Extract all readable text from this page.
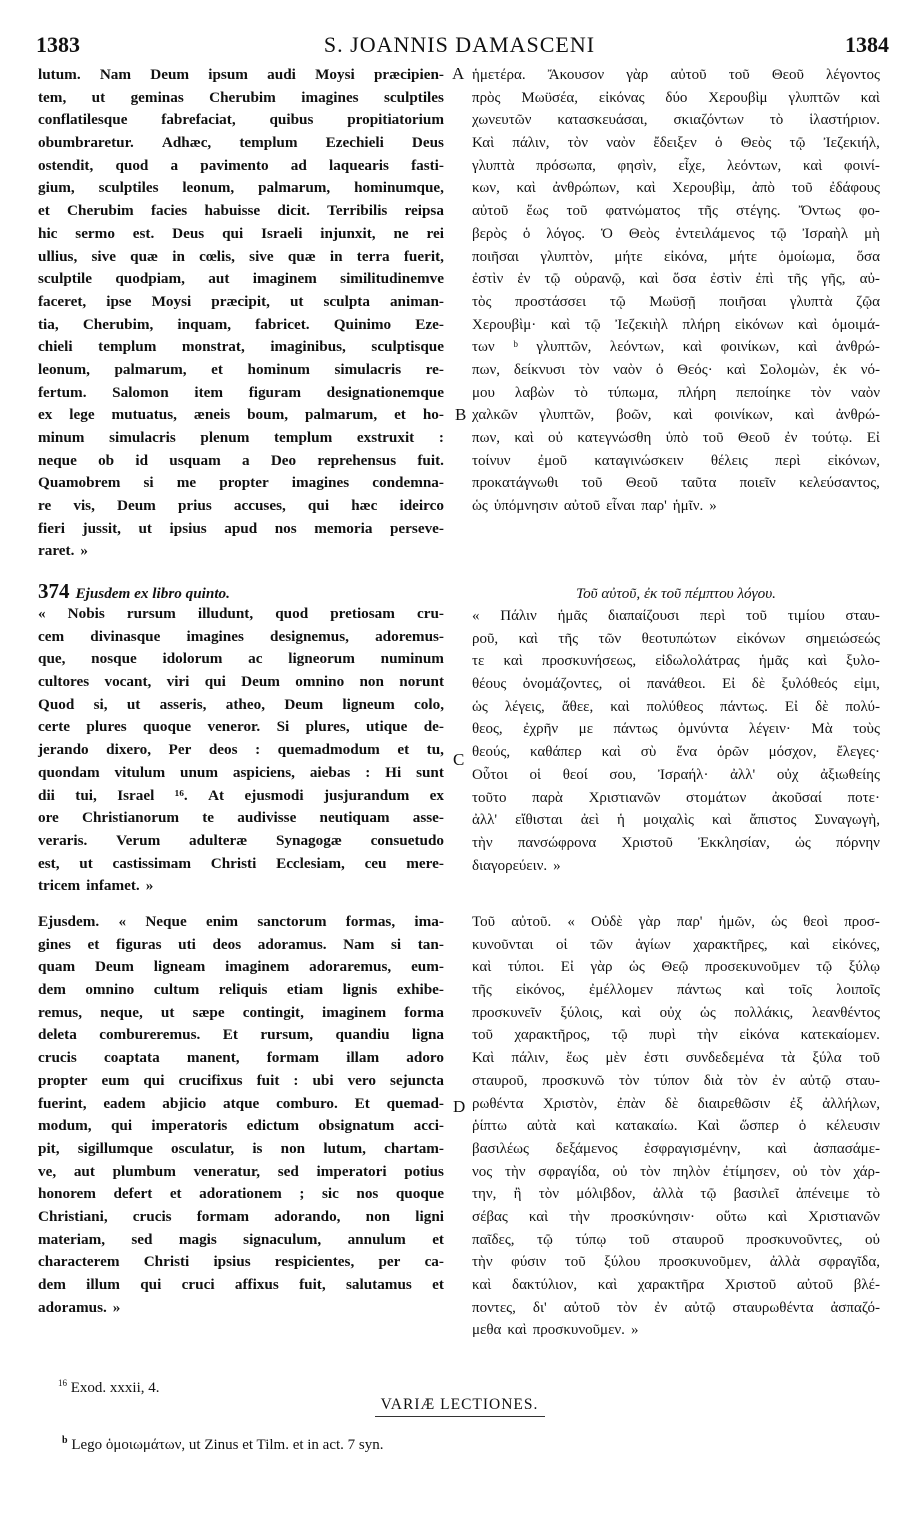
1383	S. JOANNIS DAMASCENI	1384
A
B
C
D
lutum. Nam Deum ipsum audi Moysi præcipien-
tem, ut geminas Cherubim imagines sculptiles
conflatilesque fabrefaciat, quibus propitiatorium
obumbraretur. Adhæc, templum Ezechieli Deus
ostendit, quod a pavimento ad laquearis fasti-
gium, sculptiles leonum, palmarum, hominumque,
et Cherubim facies habuisse dicit. Terribilis reipsa
hic sermo est. Deus qui Israeli injunxit, ne rei
ullius, sive quæ in cœlis, sive quæ in terra fuerit,
sculptile quodpiam, aut imaginem similitudinemve
faceret, ipse Moysi præcipit, ut sculpta animan-
tia, Cherubim, inquam, fabricet. Quinimo Eze-
chieli templum monstrat, imaginibus, sculptisque
leonum, palmarum, et hominum simulacris re-
fertum. Salomon item figuram designationemque
ex lege mutuatus, æneis boum, palmarum, et ho-
minum simulacris plenum templum exstruxit :
neque ob id usquam a Deo reprehensus fuit.
Quamobrem si me propter imagines condemna-
re vis, Deum prius accuses, qui hæc ideirco
fieri jussit, ut ipsius apud nos memoria perseve-
raret. »
374 Ejusdem ex libro quinto.
« Nobis rursum illudunt, quod pretiosam cru-
cem divinasque imagines designemus, adoremus-
que, nosque idolorum ac ligneorum numinum
cultores vocant, viri qui Deum omnino non norunt
Quod si, ut asseris, atheo, Deum ligneum colo,
certe plures quoque veneror. Si plures, utique de-
jerando dixero, Per deos : quemadmodum et tu,
quondam vitulum unum aspiciens, aiebas : Hi sunt
dii tui, Israel ¹⁶. At ejusmodi jusjurandum ex
ore Christianorum te audivisse neutiquam asse-
veraris. Verum adulteræ Synagogæ consuetudo
est, ut castissimam Christi Ecclesiam, ceu mere-
tricem infamet. »
Ejusdem. « Neque enim sanctorum formas, ima-
gines et figuras uti deos adoramus. Nam si tan-
quam Deum ligneam imaginem adoraremus, eum-
dem omnino cultum reliquis etiam lignis exhibe-
remus, neque, ut sæpe contingit, imaginem forma
deleta combureremus. Et rursum, quandiu ligna
crucis coaptata manent, formam illam adoro
propter eum qui crucifixus fuit : ubi vero sejuncta
fuerint, eadem abjicio atque comburo. Et quemad-
modum, qui imperatoris edictum obsignatum acci-
pit, sigillumque osculatur, is non lutum, chartam-
ve, aut plumbum veneratur, sed imperatori potius
honorem defert et adorationem ; sic nos quoque
Christiani, crucis formam adorando, non ligni
materiam, sed magis signaculum, annulum et
characterem Christi ipsius respicientes, per ca-
dem illum qui cruci affixus fuit, salutamus et
adoramus. »
ἡμετέρα. Ἄκουσον γὰρ αὐτοῦ τοῦ Θεοῦ λέγοντος
πρὸς Μωϋσέα, εἰκόνας δύο Χερουβὶμ γλυπτῶν καὶ
χωνευτῶν κατασκευάσαι, σκιαζόντων τὸ ἱλαστήριον.
Καὶ πάλιν, τὸν ναὸν ἔδειξεν ὁ Θεὸς τῷ Ἰεζεκιήλ,
γλυπτὰ πρόσωπα, φησὶν, εἶχε, λεόντων, καὶ φοινί-
κων, καὶ ἀνθρώπων, καὶ Χερουβὶμ, ἀπὸ τοῦ ἐδάφους
αὐτοῦ ἕως τοῦ φατνώματος τῆς στέγης. Ὄντως φο-
βερὸς ὁ λόγος. Ὁ Θεὸς ἐντειλάμενος τῷ Ἰσραὴλ μὴ
ποιῆσαι γλυπτὸν, μήτε εἰκόνα, μήτε ὁμοίωμα, ὅσα
ἐστὶν ἐν τῷ οὐρανῷ, καὶ ὅσα ἐστὶν ἐπὶ τῆς γῆς, αὐ-
τὸς προστάσσει τῷ Μωϋσῇ ποιῆσαι γλυπτὰ ζῷα
Χερουβὶμ· καὶ τῷ Ἰεζεκιὴλ πλήρη εἰκόνων καὶ ὁμοιμά-
των ᵇ γλυπτῶν, λεόντων, καὶ φοινίκων, καὶ ἀνθρώ-
πων, δείκνυσι τὸν ναὸν ὁ Θεός· καὶ Σολομὼν, ἐκ νό-
μου λαβὼν τὸ τύπωμα, πλήρη πεποίηκε τὸν ναὸν
χαλκῶν γλυπτῶν, βοῶν, καὶ φοινίκων, καὶ ἀνθρώ-
πων, καὶ οὐ κατεγνώσθη ὑπὸ τοῦ Θεοῦ ἐν τούτῳ. Εἰ
τοίνυν ἐμοῦ καταγινώσκειν θέλεις περὶ εἰκόνων,
προκατάγνωθι τοῦ Θεοῦ ταῦτα ποιεῖν κελεύσαντος,
ὡς ὑπόμνησιν αὐτοῦ εἶναι παρ' ἡμῖν. »
Τοῦ αὐτοῦ, ἐκ τοῦ πέμπτου λόγου.
« Πάλιν ἡμᾶς διαπαίζουσι περὶ τοῦ τιμίου σταυ-
ροῦ, καὶ τῆς τῶν θεοτυπώτων εἰκόνων σημειώσεώς
τε καὶ προσκυνήσεως, εἰδωλολάτρας ἡμᾶς καὶ ξυλο-
θέους ὀνομάζοντες, οἱ πανάθεοι. Εἰ δὲ ξυλόθεός εἰμι,
ὡς λέγεις, ἄθεε, καὶ πολύθεος πάντως. Εἰ δὲ πολύ-
θεος, ἐχρῆν με πάντως ὀμνύντα λέγειν· Μὰ τοὺς
θεούς, καθάπερ καὶ σὺ ἕνα ὁρῶν μόσχον, ἔλεγες·
Οὗτοι οἱ θεοί σου, Ἰσραήλ· ἀλλ' οὐχ ἀξιωθείης
τοῦτο παρὰ Χριστιανῶν στομάτων ἀκοῦσαί ποτε·
ἀλλ' εἴθισται ἀεὶ ἡ μοιχαλὶς καὶ ἄπιστος Συναγωγὴ,
τὴν πανσώφρονα Χριστοῦ Ἐκκλησίαν, ὡς πόρνην
διαγορεύειν. »
Τοῦ αὐτοῦ. « Οὐδὲ γὰρ παρ' ἡμῶν, ὡς θεοὶ προσ-
κυνοῦνται οἱ τῶν ἁγίων χαρακτῆρες, καὶ εἰκόνες,
καὶ τύποι. Εἰ γὰρ ὡς Θεῷ προσεκυνοῦμεν τῷ ξύλῳ
τῆς εἰκόνος, ἐμέλλομεν πάντως καὶ τοῖς λοιποῖς
προσκυνεῖν ξύλοις, καὶ οὐχ ὡς πολλάκις, λεανθέντος
τοῦ χαρακτῆρος, τῷ πυρὶ τὴν εἰκόνα κατεκαίομεν.
Καὶ πάλιν, ἕως μὲν ἐστι συνδεδεμένα τὰ ξύλα τοῦ
σταυροῦ, προσκυνῶ τὸν τύπον διὰ τὸν ἐν αὐτῷ σταυ-
ρωθέντα Χριστὸν, ἐπὰν δὲ διαιρεθῶσιν ἐξ ἀλλήλων,
ῥίπτω αὐτὰ καὶ κατακαίω. Καὶ ὥσπερ ὁ κέλευσιν
βασιλέως δεξάμενος ἐσφραγισμένην, καὶ ἀσπασάμε-
νος τὴν σφραγίδα, οὐ τὸν πηλὸν ἐτίμησεν, οὐ τὸν χάρ-
την, ἢ τὸν μόλιβδον, ἀλλὰ τῷ βασιλεῖ ἀπένειμε τὸ
σέβας καὶ τὴν προσκύνησιν· οὕτω καὶ Χριστιανῶν
παῖδες, τῷ τύπῳ τοῦ σταυροῦ προσκυνοῦντες, οὐ
τὴν φύσιν τοῦ ξύλου προσκυνοῦμεν, ἀλλὰ σφραγῖδα,
καὶ δακτύλιον, καὶ χαρακτῆρα Χριστοῦ αὐτοῦ βλέ-
ποντες, δι' αὐτοῦ τὸν ἐν αὐτῷ σταυρωθέντα ἀσπαζό-
μεθα καὶ προσκυνοῦμεν. »
$^{16}$ Exod. xxxii, 4.
VARIÆ LECTIONES.
$^b$ Lego ὁμοιωμάτων, ut Zinus et Tilm. et in act. 7 syn.
